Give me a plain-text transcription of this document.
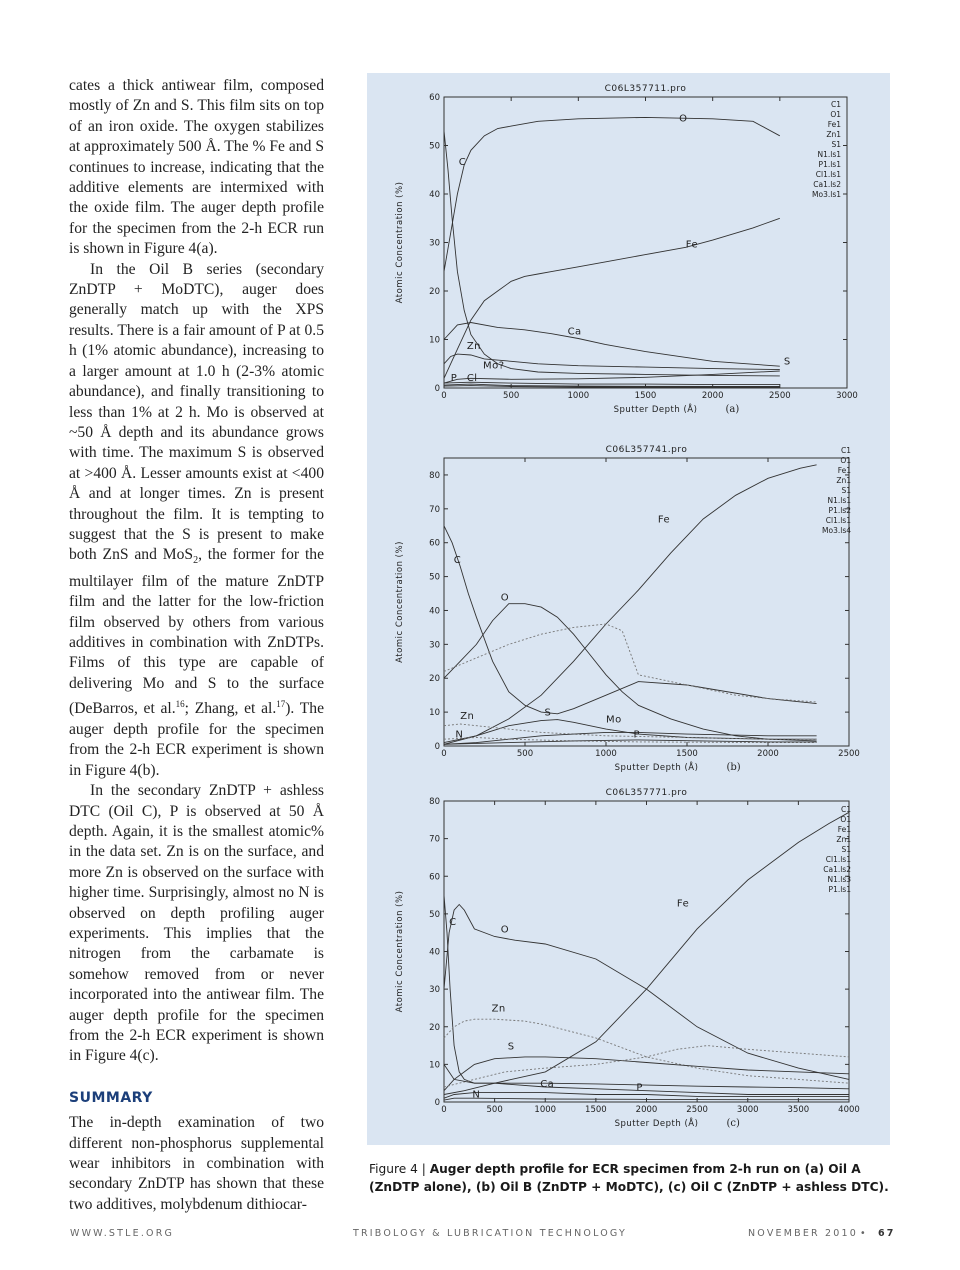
cates a thick antiwear film, composed mostly of Zn and S. This film sits on top of an iron oxide. The oxygen stabilizes at approximately 500 Å. The % Fe and S continues to increase, indicating that the additive elements are intermixed with the oxide film. The auger depth profile for the specimen from the 2-h ECR run is shown in Figure 4(a).

In the Oil B series (secondary ZnDTP + MoDTC), auger does generally match up with the XPS results. There is a fair amount of P at 0.5 h (1% atomic abundance), increasing to a larger amount at 1.0 h (2-3% atomic abundance), and finally transitioning to less than 1% at 2 h. Mo is observed at ~50 Å depth and its abundance grows with time. The maximum S is observed at >400 Å. Lesser amounts exist at <400 Å and at longer times. Zn is present throughout the film. It is tempting to suggest that the S is present to make both ZnS and MoS$_2$, the former for the multilayer film of the mature ZnDTP film and the latter for the low-friction film observed by others from various additives in combination with ZnDTPs. Films of this type are capable of delivering Mo and S to the surface (DeBarros, et al.$^{16}$; Zhang, et al.$^{17}$). The auger depth profile for the specimen from the 2-h ECR experiment is shown in Figure 4(b).

In the secondary ZnDTP + ashless DTC (Oil C), P is observed at 50 Å depth. Again, it is the smallest atomic% in the data set. Zn is on the surface, and more Zn is observed on the surface with higher time. Surprisingly, almost no N is observed on depth profiling auger experiments. This implies that the nitrogen from the carbamate is somehow removed from or never incorporated into the antiwear film. The auger depth profile for the specimen from the 2-h ECR experiment is shown in Figure 4(c).

SUMMARY

The in-depth examination of two different non-phosphorus supplemental wear inhibitors in combination with secondary ZnDTP has shown that these two additives, molybdenum dithiocar-

C06L357711.pro
0	500	1000	1500	2000	2500	3000
0
10
20
30
40
50
60
Sputter Depth (Å)	(a)
Atomic Concentration (%)
C1
O1
Fe1
Zn1
S1
N1.ls1
P1.ls1
Cl1.ls1
Ca1.ls2
Mo3.ls1
O
C
Fe
Ca
Zn
S
Mo?
P Cl
C06L357741.pro
0	500	1000	1500	2000	2500
0
10
20
30
40
50
60
70
80
Sputter Depth (Å)	(b)
Atomic Concentration (%)
C1
O1
Fe1
Zn1
S1
N1.ls1
P1.ls2
Cl1.ls1
Mo3.ls4
Fe
C
O
S
Zn	Mo
N	P
C06L357771.pro
0	500	1000	1500	2000	2500	3000	3500	4000
0
10
20
30
40
50
60
70
80
Sputter Depth (Å)	(c)
Atomic Concentration (%)
C1
O1
Fe1
Zn1
S1
Cl1.ls1
Ca1.ls2
N1.ls3
P1.ls1
Fe
C
O
Zn
S
Ca	P
N
Figure 4 | Auger depth profile for ECR specimen from 2-h run on (a) Oil A (ZnDTP alone), (b) Oil B (ZnDTP + MoDTC), (c) Oil C (ZnDTP + ashless DTC).
WWW.STLE.ORG	TRIBOLOGY & LUBRICATION TECHNOLOGY	NOVEMBER 2010 • 67
